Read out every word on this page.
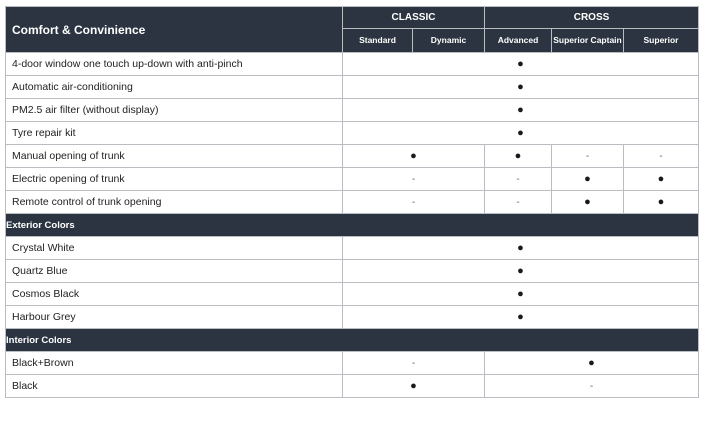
Comfort & Convinience	CLASSIC		CROSS		
	Standard	Dynamic	Advanced	Superior Captain	Superior
4-door window one touch up-down with anti-pinch	●				
Automatic air-conditioning	●				
PM2.5 air filter (without display)	●				
Tyre repair kit	●				
Manual opening of trunk	●		●	-	-
Electric opening of trunk	-		-	●	●
Remote control of trunk opening	-		-	●	●
Exterior Colors					
Crystal White	●				
Quartz Blue	●				
Cosmos Black	●				
Harbour Grey	●				
Interior Colors					
Black+Brown	-		●		
Black	●		-		
